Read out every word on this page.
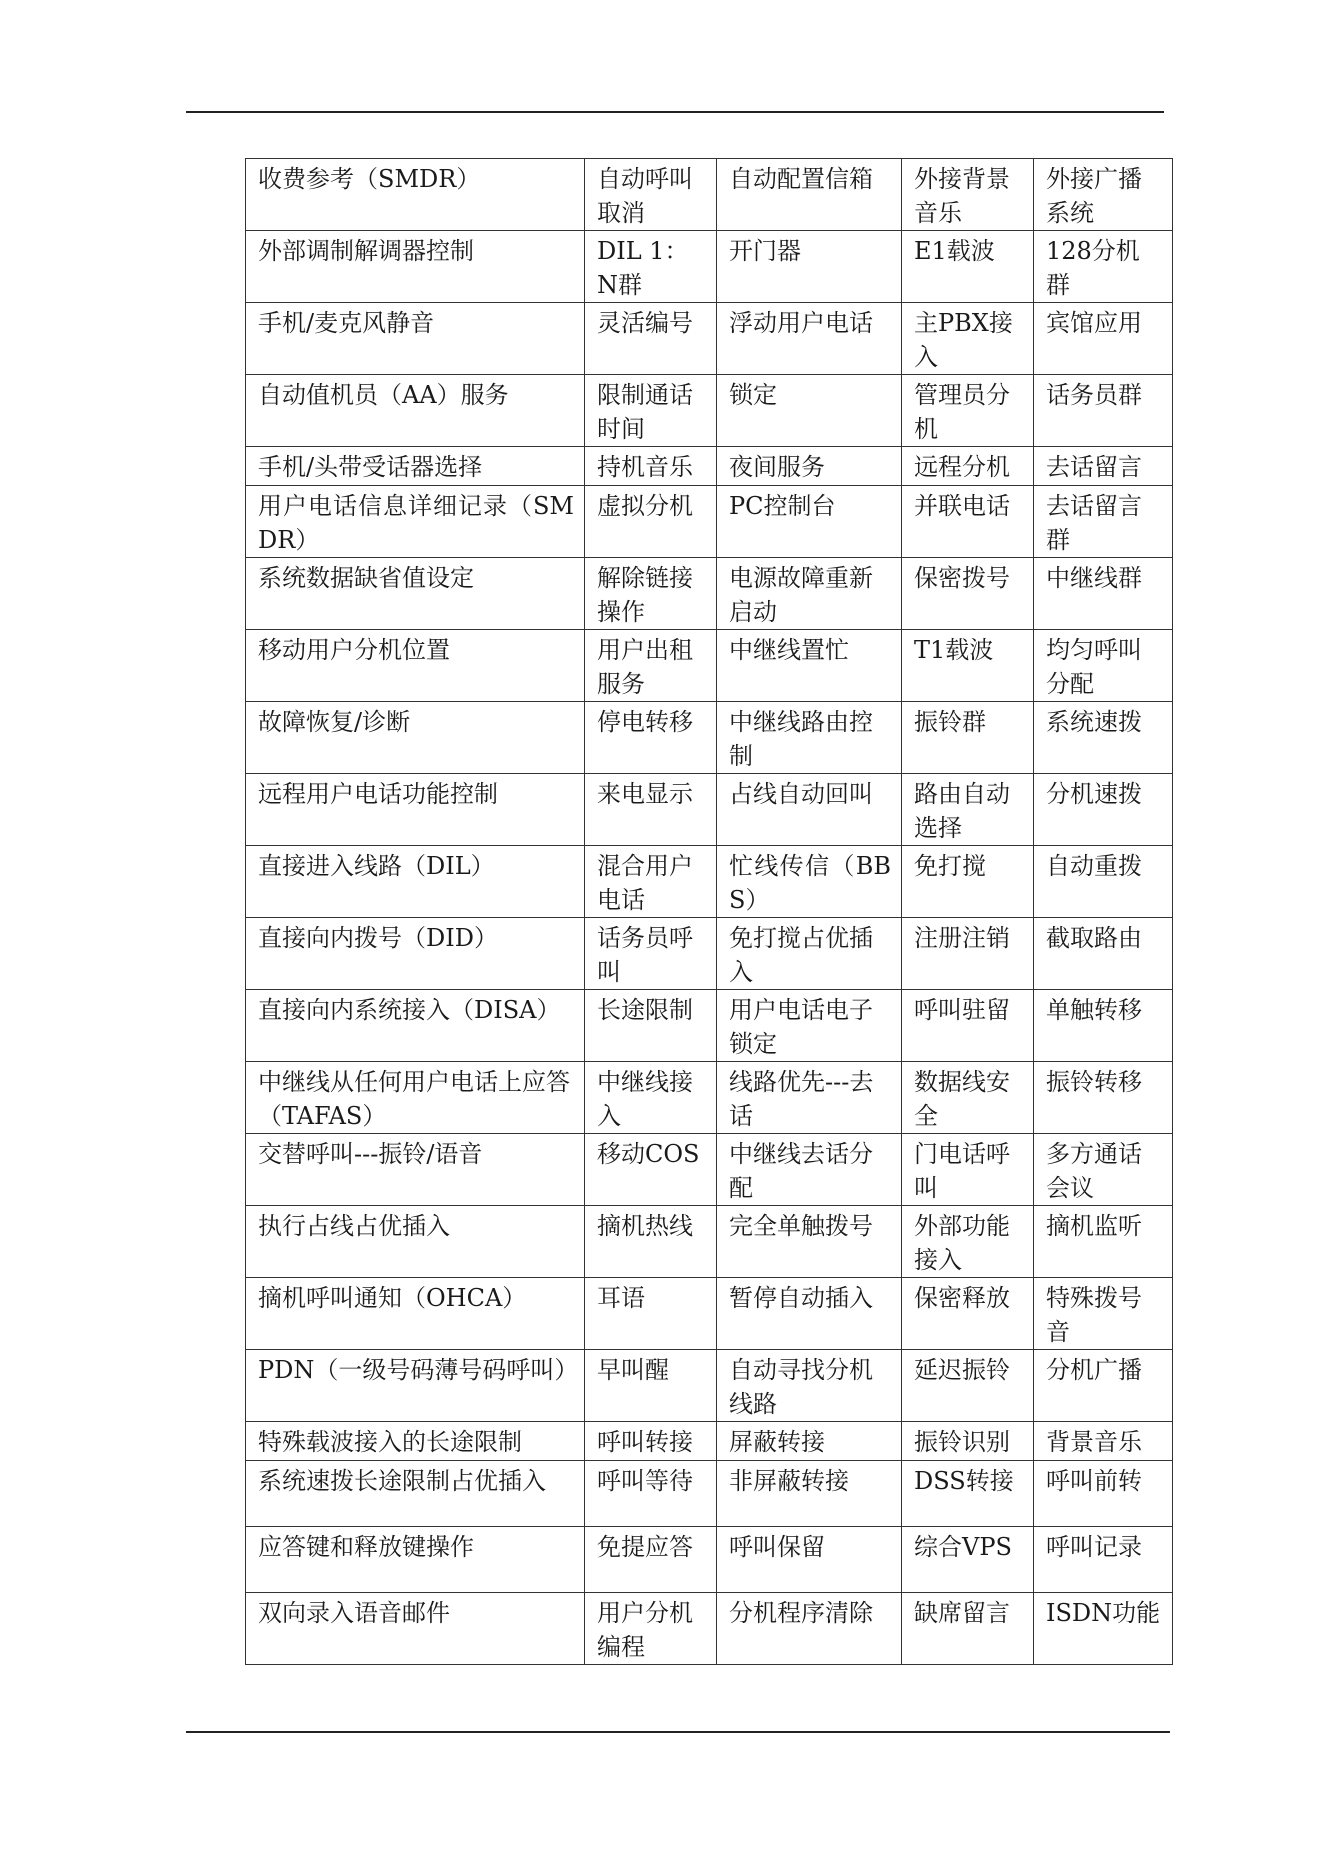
收费参考（SMDR）	自动呼叫取消	自动配置信箱	外接背景音乐	外接广播系统
外部调制解调器控制	DIL 1：N群	开门器	E1载波	128分机群
手机/麦克风静音	灵活编号	浮动用户电话	主PBX接入	宾馆应用
自动值机员（AA）服务	限制通话时间	锁定	管理员分机	话务员群
手机/头带受话器选择	持机音乐	夜间服务	远程分机	去话留言
用户电话信息详细记录（SMDR）	虚拟分机	PC控制台	并联电话	去话留言群
系统数据缺省值设定	解除链接操作	电源故障重新启动	保密拨号	中继线群
移动用户分机位置	用户出租服务	中继线置忙	T1载波	均匀呼叫分配
故障恢复/诊断	停电转移	中继线路由控制	振铃群	系统速拨
远程用户电话功能控制	来电显示	占线自动回叫	路由自动选择	分机速拨
直接进入线路（DIL）	混合用户电话	忙线传信（BBS）	免打搅	自动重拨
直接向内拨号（DID）	话务员呼叫	免打搅占优插入	注册注销	截取路由
直接向内系统接入（DISA）	长途限制	用户电话电子锁定	呼叫驻留	单触转移
中继线从任何用户电话上应答（TAFAS）	中继线接入	线路优先---去话	数据线安全	振铃转移
交替呼叫---振铃/语音	移动COS	中继线去话分配	门电话呼叫	多方通话会议
执行占线占优插入	摘机热线	完全单触拨号	外部功能接入	摘机监听
摘机呼叫通知（OHCA）	耳语	暂停自动插入	保密释放	特殊拨号音
PDN（一级号码薄号码呼叫）	早叫醒	自动寻找分机线路	延迟振铃	分机广播
特殊载波接入的长途限制	呼叫转接	屏蔽转接	振铃识别	背景音乐
系统速拨长途限制占优插入	呼叫等待	非屏蔽转接	DSS转接	呼叫前转
应答键和释放键操作	免提应答	呼叫保留	综合VPS	呼叫记录
双向录入语音邮件	用户分机编程	分机程序清除	缺席留言	ISDN功能
